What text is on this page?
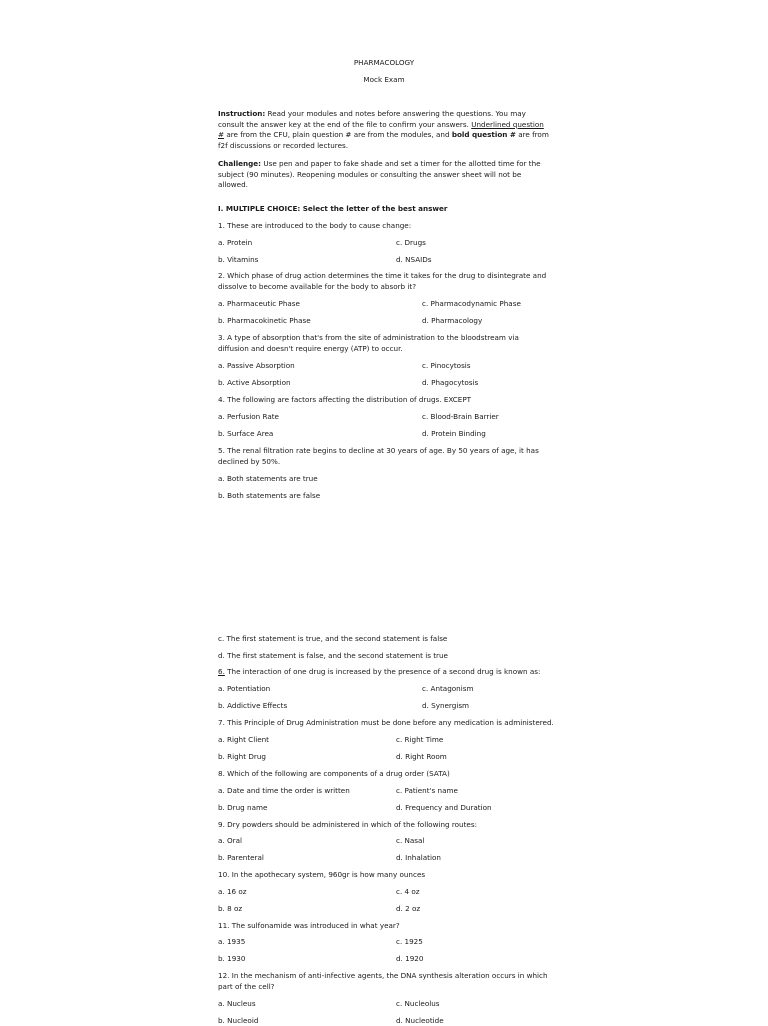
PHARMACOLOGY
Mock Exam
Instruction: Read your modules and notes before answering the questions. You may consult the answer key at the end of the file to confirm your answers. Underlined question # are from the CFU, plain question # are from the modules, and bold question # are from f2f discussions or recorded lectures.
Challenge: Use pen and paper to fake shade and set a timer for the allotted time for the subject (90 minutes). Reopening modules or consulting the answer sheet will not be allowed.
I. MULTIPLE CHOICE: Select the letter of the best answer
1. These are introduced to the body to cause change:
a. Protein	c. Drugs
b. Vitamins	d. NSAIDs
2. Which phase of drug action determines the time it takes for the drug to disintegrate and dissolve to become available for the body to absorb it?
a. Pharmaceutic Phase	c. Pharmacodynamic Phase
b. Pharmacokinetic Phase	d. Pharmacology
3. A type of absorption that's from the site of administration to the bloodstream via diffusion and doesn't require energy (ATP) to occur.
a. Passive Absorption	c. Pinocytosis
b. Active Absorption	d. Phagocytosis
4. The following are factors affecting the distribution of drugs. EXCEPT
a. Perfusion Rate	c. Blood-Brain Barrier
b. Surface Area	d. Protein Binding
5. The renal filtration rate begins to decline at 30 years of age. By 50 years of age, it has declined by 50%.
a. Both statements are true
b. Both statements are false
c. The first statement is true, and the second statement is false
d. The first statement is false, and the second statement is true
6. The interaction of one drug is increased by the presence of a second drug is known as:
a. Potentiation	c. Antagonism
b. Addictive Effects	d. Synergism
7. This Principle of Drug Administration must be done before any medication is administered.
a. Right Client	c. Right Time
b. Right Drug	d. Right Room
8. Which of the following are components of a drug order (SATA)
a. Date and time the order is written	c. Patient's name
b. Drug name	d. Frequency and Duration
9. Dry powders should be administered in which of the following routes:
a. Oral	c. Nasal
b. Parenteral	d. Inhalation
10. In the apothecary system, 960gr is how many ounces
a. 16 oz	c. 4 oz
b. 8 oz	d. 2 oz
11. The sulfonamide was introduced in what year?
a. 1935	c. 1925
b. 1930	d. 1920
12. In the mechanism of anti-infective agents, the DNA synthesis alteration occurs in which part of the cell?
a. Nucleus	c. Nucleolus
b. Nucleoid	d. Nucleotide
